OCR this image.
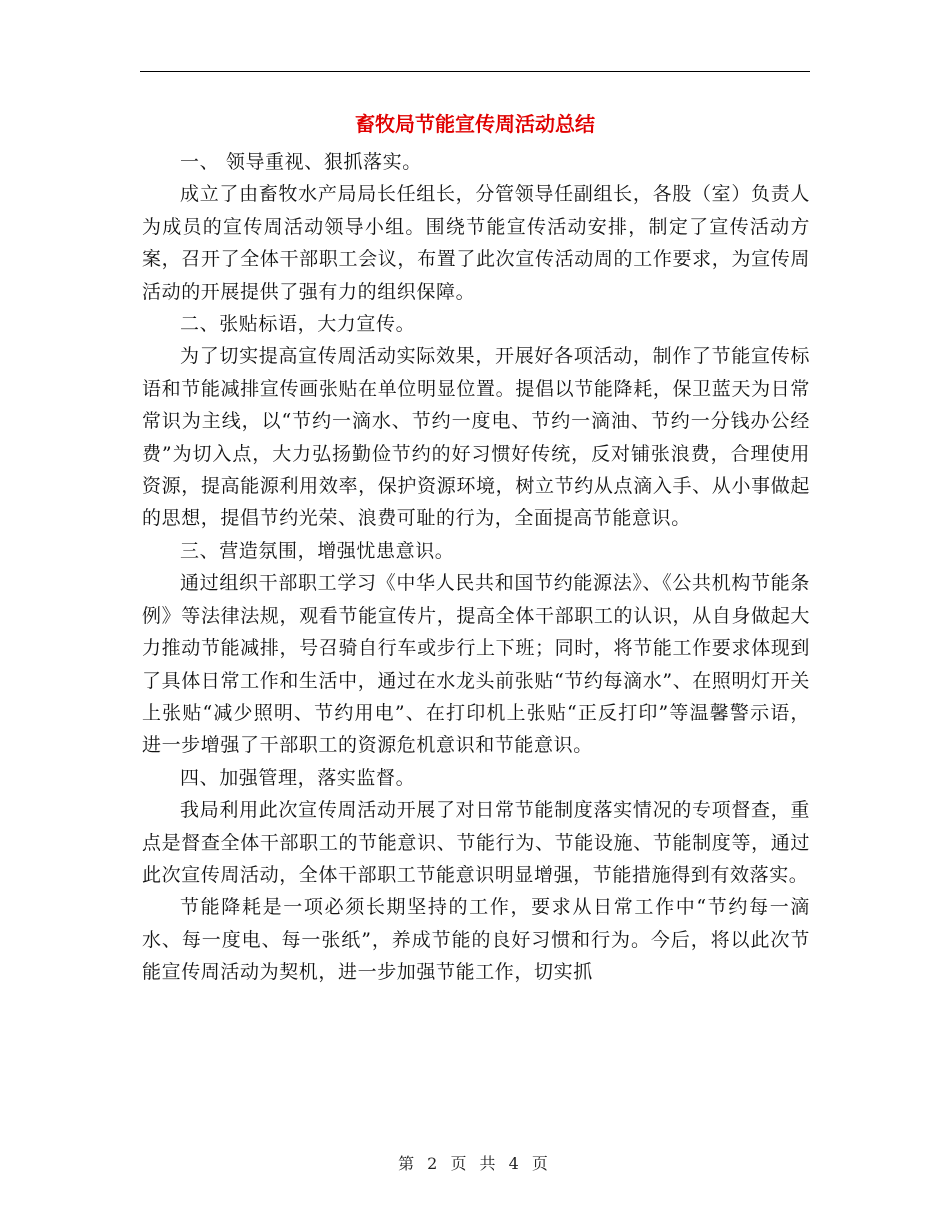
畜牧局节能宣传周活动总结

一、 领导重视、狠抓落实。

成立了由畜牧水产局局长任组长，分管领导任副组长，各股（室）负责人为成员的宣传周活动领导小组。围绕节能宣传活动安排，制定了宣传活动方案，召开了全体干部职工会议，布置了此次宣传活动周的工作要求，为宣传周活动的开展提供了强有力的组织保障。

二、张贴标语，大力宣传。

为了切实提高宣传周活动实际效果，开展好各项活动，制作了节能宣传标语和节能减排宣传画张贴在单位明显位置。提倡以节能降耗，保卫蓝天为日常常识为主线，以“节约一滴水、节约一度电、节约一滴油、节约一分钱办公经费”为切入点，大力弘扬勤俭节约的好习惯好传统，反对铺张浪费，合理使用资源，提高能源利用效率，保护资源环境，树立节约从点滴入手、从小事做起的思想，提倡节约光荣、浪费可耻的行为，全面提高节能意识。

三、营造氛围，增强忧患意识。

通过组织干部职工学习《中华人民共和国节约能源法》、《公共机构节能条例》等法律法规，观看节能宣传片，提高全体干部职工的认识，从自身做起大力推动节能减排，号召骑自行车或步行上下班；同时，将节能工作要求体现到了具体日常工作和生活中，通过在水龙头前张贴“节约每滴水”、在照明灯开关上张贴“减少照明、节约用电”、在打印机上张贴“正反打印”等温馨警示语，进一步增强了干部职工的资源危机意识和节能意识。

四、加强管理，落实监督。

我局利用此次宣传周活动开展了对日常节能制度落实情况的专项督查，重点是督查全体干部职工的节能意识、节能行为、节能设施、节能制度等，通过此次宣传周活动，全体干部职工节能意识明显增强，节能措施得到有效落实。

节能降耗是一项必须长期坚持的工作，要求从日常工作中“节约每一滴水、每一度电、每一张纸”，养成节能的良好习惯和行为。今后，将以此次节能宣传周活动为契机，进一步加强节能工作，切实抓

第 2 页 共 4 页
